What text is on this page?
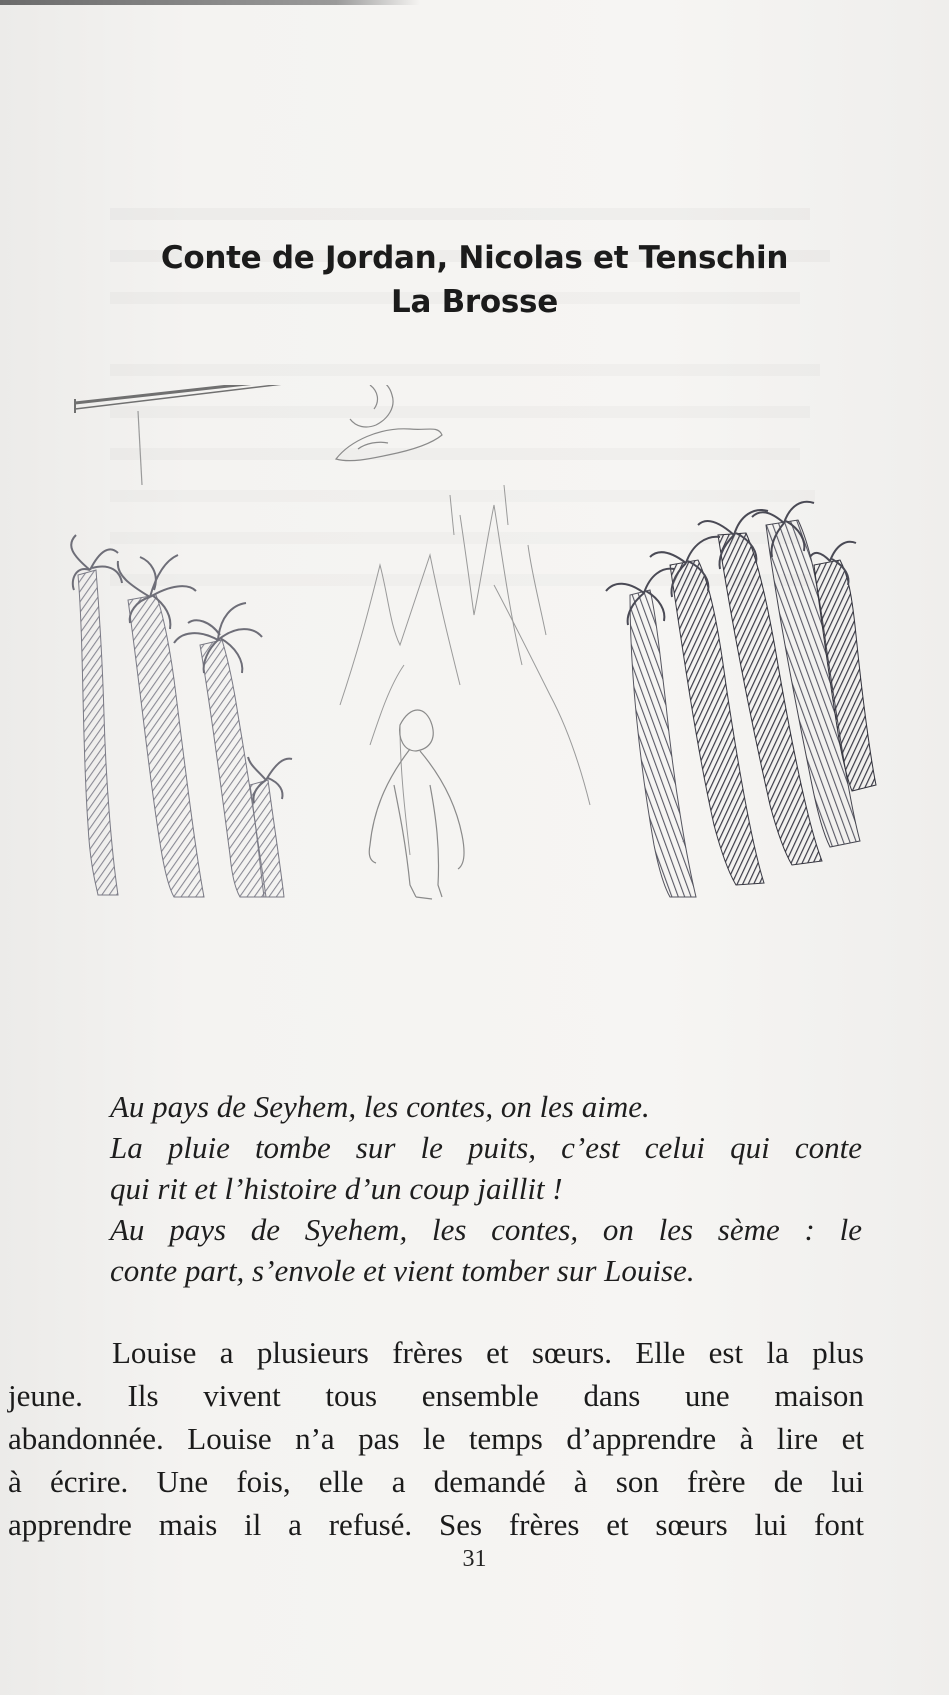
Conte de Jordan, Nicolas et Tenschin
La Brosse
Au pays de Seyhem, les contes, on les aime.
La pluie tombe sur le puits, c’est celui qui conte
qui rit et l’histoire d’un coup jaillit !
Au pays de Syehem, les contes, on les sème : le
conte part, s’envole et vient tomber sur Louise.
Louise a plusieurs frères et sœurs. Elle est la plus
jeune. Ils vivent tous ensemble dans une maison
abandonnée. Louise n’a pas le temps d’apprendre à lire et
à écrire. Une fois, elle a demandé à son frère de lui
apprendre mais il a refusé. Ses frères et sœurs lui font
31
